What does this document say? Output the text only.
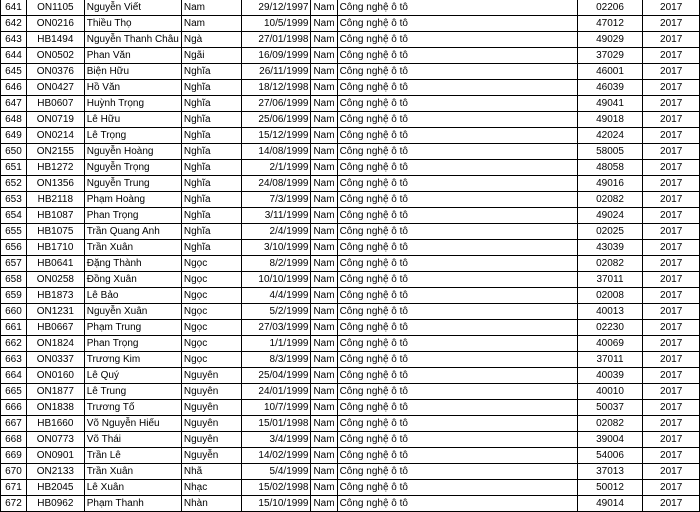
641	ON1105	Nguyễn Viết	Nam	29/12/1997	Nam	Công nghệ ô tô	02206	2017
642	ON0216	Thiều Thọ	Nam	10/5/1999	Nam	Công nghệ ô tô	47012	2017
643	HB1494	Nguyễn Thanh Châu	Ngà	27/01/1998	Nam	Công nghệ ô tô	49029	2017
644	ON0502	Phan Văn	Ngãi	16/09/1999	Nam	Công nghệ ô tô	37029	2017
645	ON0376	Biện Hữu	Nghĩa	26/11/1999	Nam	Công nghệ ô tô	46001	2017
646	ON0427	Hồ Văn	Nghĩa	18/12/1998	Nam	Công nghệ ô tô	46039	2017
647	HB0607	Huỳnh Trọng	Nghĩa	27/06/1999	Nam	Công nghệ ô tô	49041	2017
648	ON0719	Lê Hữu	Nghĩa	25/06/1999	Nam	Công nghệ ô tô	49018	2017
649	ON0214	Lê Trọng	Nghĩa	15/12/1999	Nam	Công nghệ ô tô	42024	2017
650	ON2155	Nguyễn Hoàng	Nghĩa	14/08/1999	Nam	Công nghệ ô tô	58005	2017
651	HB1272	Nguyễn Trọng	Nghĩa	2/1/1999	Nam	Công nghệ ô tô	48058	2017
652	ON1356	Nguyễn Trung	Nghĩa	24/08/1999	Nam	Công nghệ ô tô	49016	2017
653	HB2118	Phạm Hoàng	Nghĩa	7/3/1999	Nam	Công nghệ ô tô	02082	2017
654	HB1087	Phan Trọng	Nghĩa	3/11/1999	Nam	Công nghệ ô tô	49024	2017
655	HB1075	Trần Quang Anh	Nghĩa	2/4/1999	Nam	Công nghệ ô tô	02025	2017
656	HB1710	Trần Xuân	Nghĩa	3/10/1999	Nam	Công nghệ ô tô	43039	2017
657	HB0641	Đặng Thành	Ngọc	8/2/1999	Nam	Công nghệ ô tô	02082	2017
658	ON0258	Đồng Xuân	Ngọc	10/10/1999	Nam	Công nghệ ô tô	37011	2017
659	HB1873	Lê Bảo	Ngọc	4/4/1999	Nam	Công nghệ ô tô	02008	2017
660	ON1231	Nguyễn Xuân	Ngọc	5/2/1999	Nam	Công nghệ ô tô	40013	2017
661	HB0667	Phạm Trung	Ngọc	27/03/1999	Nam	Công nghệ ô tô	02230	2017
662	ON1824	Phan Trọng	Ngọc	1/1/1999	Nam	Công nghệ ô tô	40069	2017
663	ON0337	Trương Kim	Ngọc	8/3/1999	Nam	Công nghệ ô tô	37011	2017
664	ON0160	Lê Quý	Nguyên	25/04/1999	Nam	Công nghệ ô tô	40039	2017
665	ON1877	Lê Trung	Nguyên	24/01/1999	Nam	Công nghệ ô tô	40010	2017
666	ON1838	Trương Tố	Nguyên	10/7/1999	Nam	Công nghệ ô tô	50037	2017
667	HB1660	Võ Nguyễn Hiếu	Nguyên	15/01/1998	Nam	Công nghệ ô tô	02082	2017
668	ON0773	Võ Thái	Nguyên	3/4/1999	Nam	Công nghệ ô tô	39004	2017
669	ON0901	Trần Lê	Nguyễn	14/02/1999	Nam	Công nghệ ô tô	54006	2017
670	ON2133	Trần Xuân	Nhã	5/4/1999	Nam	Công nghệ ô tô	37013	2017
671	HB2045	Lê Xuân	Nhạc	15/02/1998	Nam	Công nghệ ô tô	50012	2017
672	HB0962	Phạm Thanh	Nhàn	15/10/1999	Nam	Công nghệ ô tô	49014	2017
